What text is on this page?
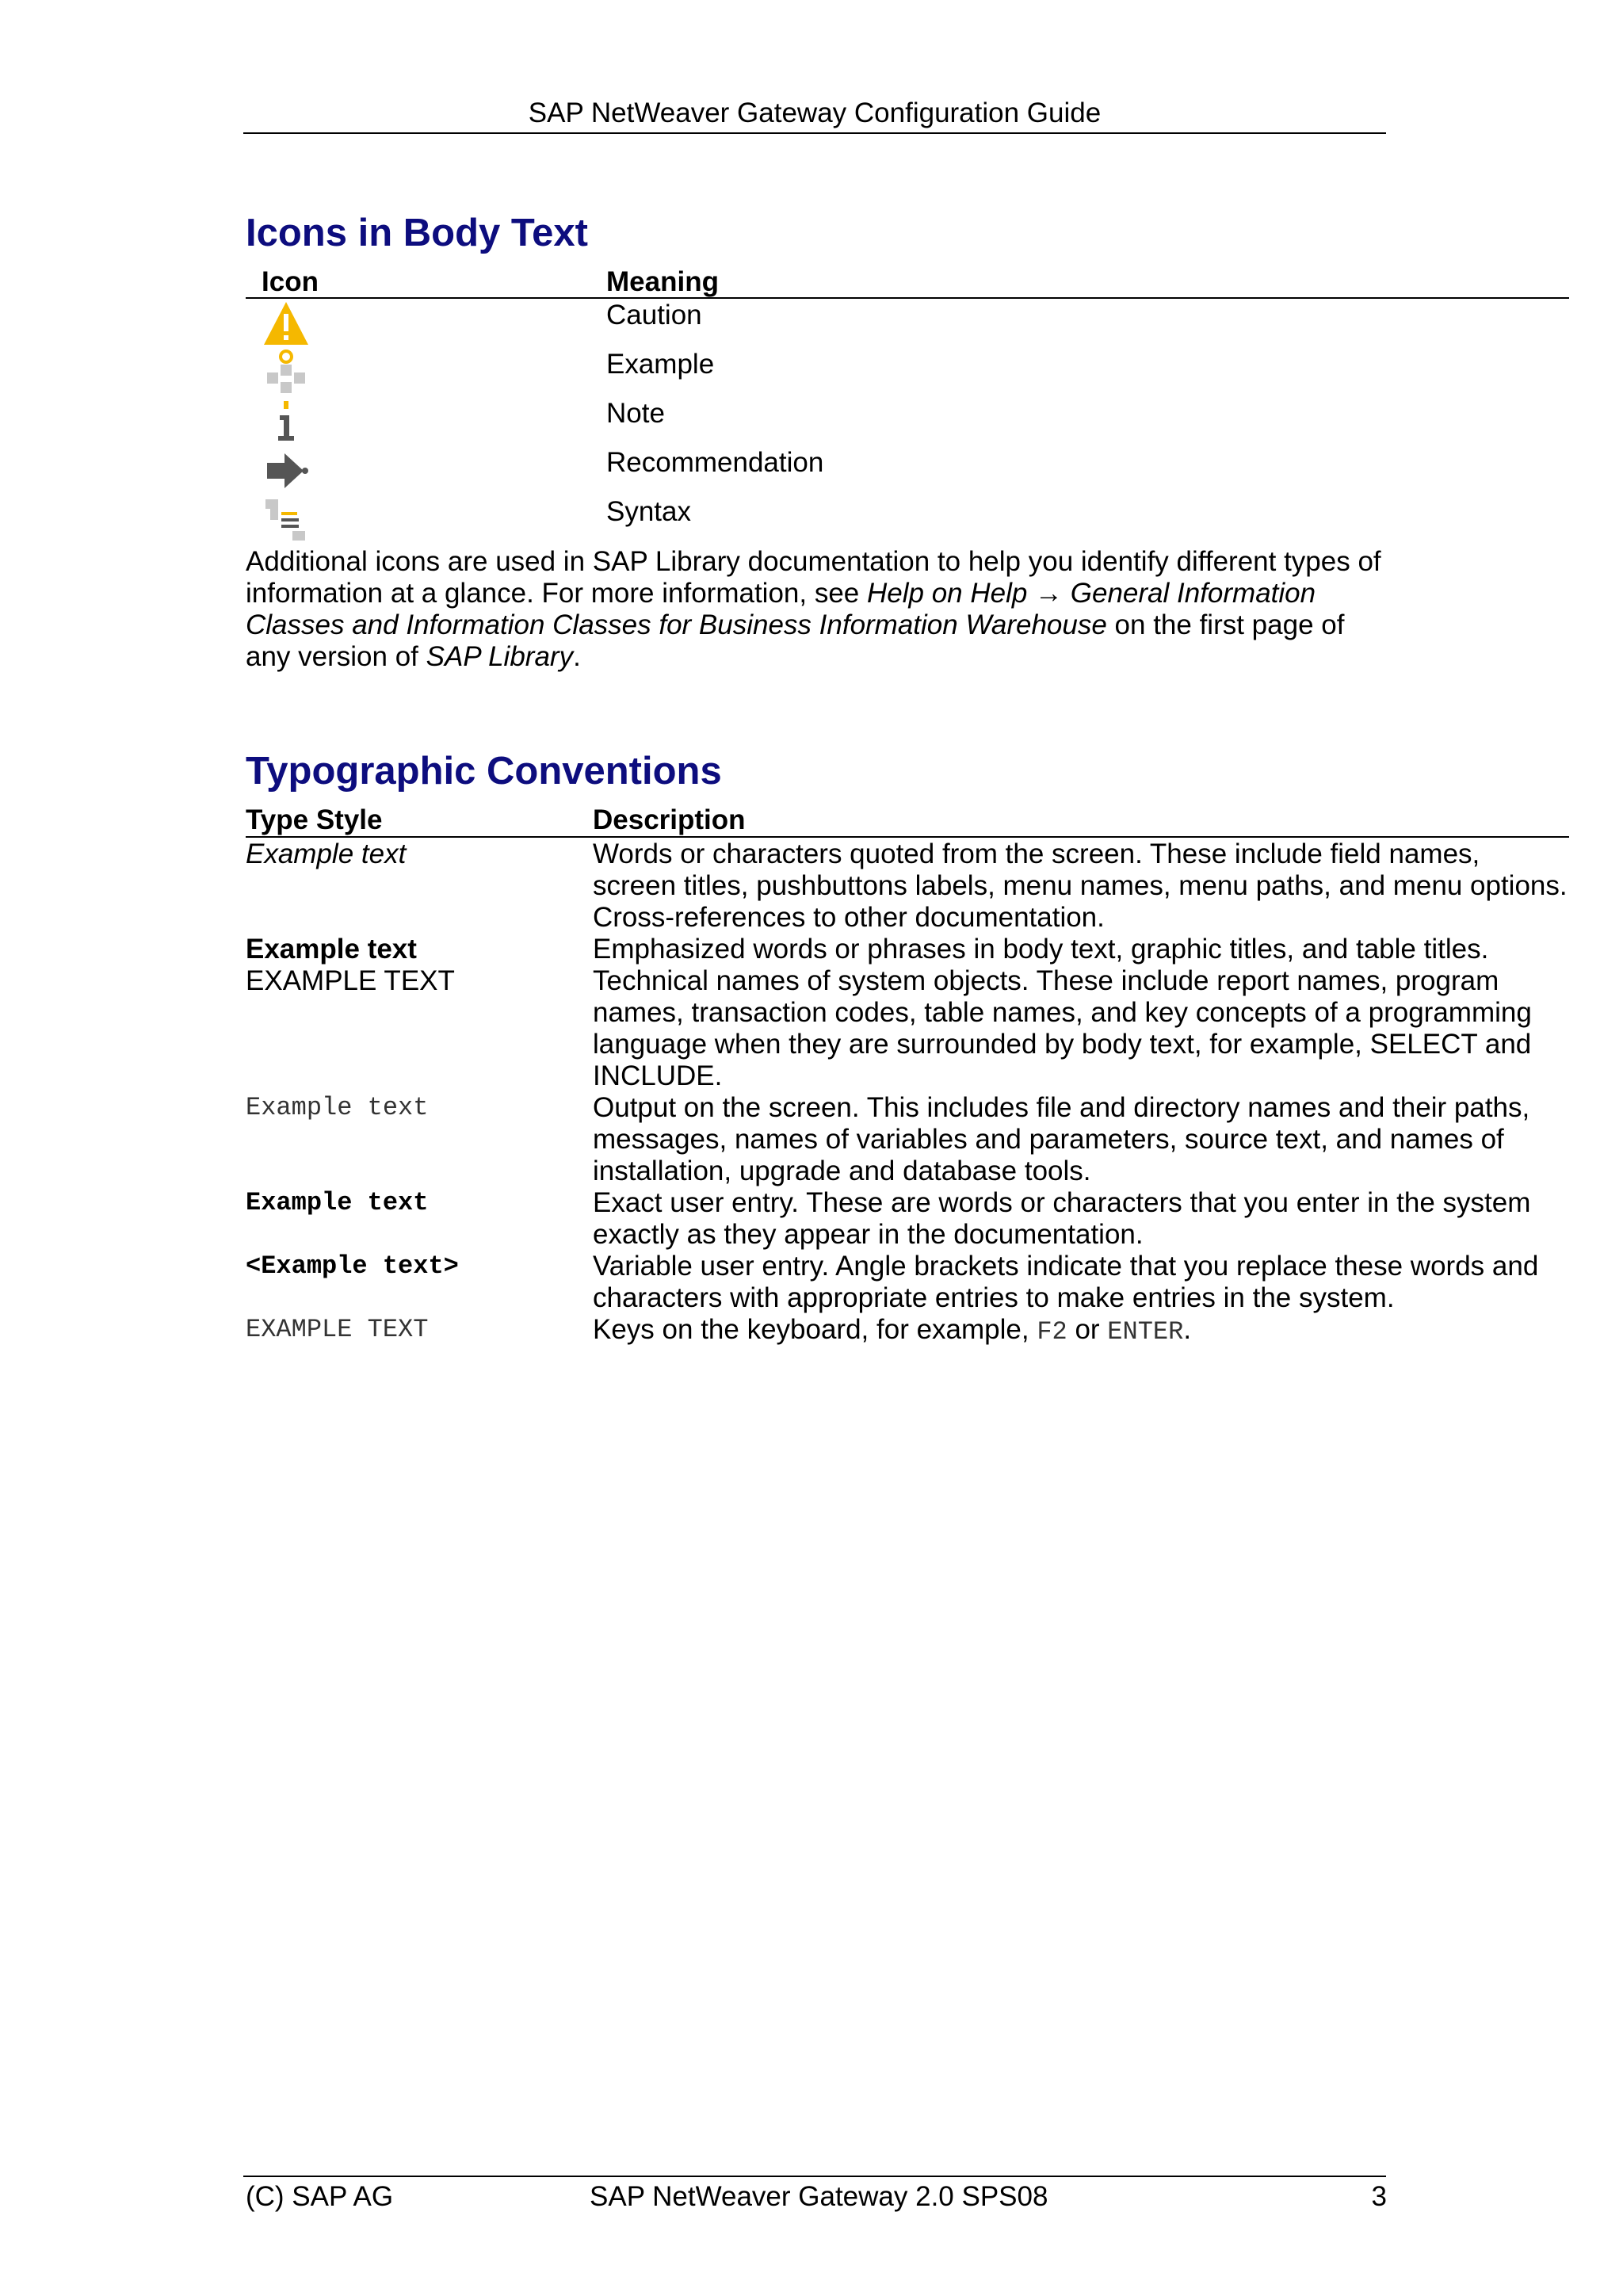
SAP NetWeaver Gateway Configuration Guide
Icons in Body Text
Icon	Meaning
Caution
Example
Note
Recommendation
Syntax

Additional icons are used in SAP Library documentation to help you identify different types of information at a glance. For more information, see Help on Help → General Information Classes and Information Classes for Business Information Warehouse on the first page of any version of SAP Library.

Typographic Conventions
Type Style	Description
Example text	Words or characters quoted from the screen. These include field names, screen titles, pushbuttons labels, menu names, menu paths, and menu options.
Cross-references to other documentation.
Example text	Emphasized words or phrases in body text, graphic titles, and table titles.
EXAMPLE TEXT	Technical names of system objects. These include report names, program names, transaction codes, table names, and key concepts of a programming language when they are surrounded by body text, for example, SELECT and INCLUDE.
Example text	Output on the screen. This includes file and directory names and their paths, messages, names of variables and parameters, source text, and names of installation, upgrade and database tools.
Example text	Exact user entry. These are words or characters that you enter in the system exactly as they appear in the documentation.
<Example text>	Variable user entry. Angle brackets indicate that you replace these words and characters with appropriate entries to make entries in the system.
EXAMPLE TEXT	Keys on the keyboard, for example, F2 or ENTER.
(C) SAP AG	SAP NetWeaver Gateway 2.0 SPS08	3
